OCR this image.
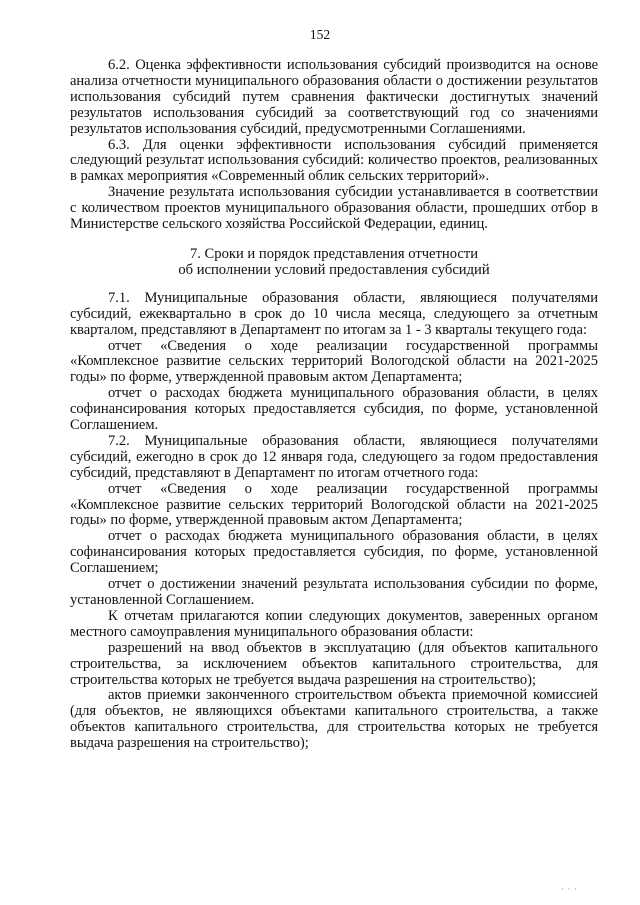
152

6.2. Оценка эффективности использования субсидий производится на основе анализа отчетности муниципального образования области о достижении результатов использования субсидий путем сравнения фактически достигнутых значений результатов использования субсидий за соответствующий год со значениями результатов использования субсидий, предусмотренными Соглашениями.

6.3. Для оценки эффективности использования субсидий применяется следующий результат использования субсидий: количество проектов, реализованных в рамках мероприятия «Современный облик сельских территорий».

Значение результата использования субсидии устанавливается в соответствии с количеством проектов муниципального образования области, прошедших отбор в Министерстве сельского хозяйства Российской Федерации, единиц.

7. Сроки и порядок представления отчетности
об исполнении условий предоставления субсидий

7.1. Муниципальные образования области, являющиеся получателями субсидий, ежеквартально в срок до 10 числа месяца, следующего за отчетным кварталом, представляют в Департамент по итогам за 1 - 3 кварталы текущего года:

отчет «Сведения о ходе реализации государственной программы «Комплексное развитие сельских территорий Вологодской области на 2021-2025 годы» по форме, утвержденной правовым актом Департамента;

отчет о расходах бюджета муниципального образования области, в целях софинансирования которых предоставляется субсидия, по форме, установленной Соглашением.

7.2. Муниципальные образования области, являющиеся получателями субсидий, ежегодно в срок до 12 января года, следующего за годом предоставления субсидий, представляют в Департамент по итогам отчетного года:

отчет «Сведения о ходе реализации государственной программы «Комплексное развитие сельских территорий Вологодской области на 2021-2025 годы» по форме, утвержденной правовым актом Департамента;

отчет о расходах бюджета муниципального образования области, в целях софинансирования которых предоставляется субсидия, по форме, установленной Соглашением;

отчет о достижении значений результата использования субсидии по форме, установленной Соглашением.

К отчетам прилагаются копии следующих документов, заверенных органом местного самоуправления муниципального образования области:

разрешений на ввод объектов в эксплуатацию (для объектов капитального строительства, за исключением объектов капитального строительства, для строительства которых не требуется выдача разрешения на строительство);

актов приемки законченного строительством объекта приемочной комиссией (для объектов, не являющихся объектами капитального строительства, а также объектов капитального строительства, для строительства которых не требуется выдача разрешения на строительство);

▪ ▪ ▪
